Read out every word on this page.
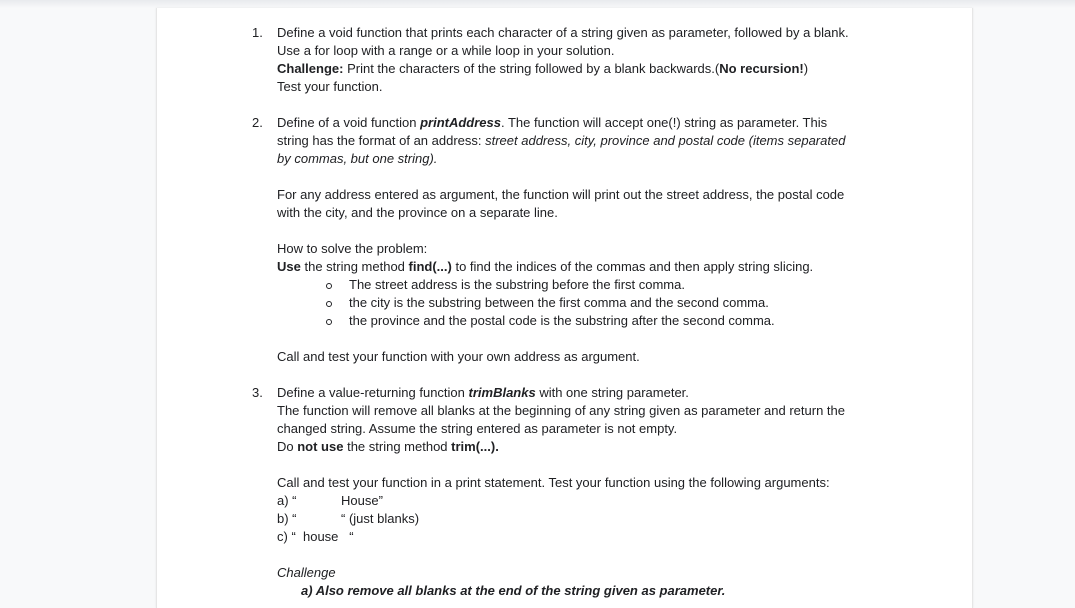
1. Define a void function that prints each character of a string given as parameter, followed by a blank.
Use a for loop with a range or a while loop in your solution.
Challenge: Print the characters of the string followed by a blank backwards.(No recursion!)
Test your function.
2. Define of a void function printAddress. The function will accept one(!) string as parameter. This
string has the format of an address: street address, city, province and postal code (items separated
by commas, but one string).
For any address entered as argument, the function will print out the street address, the postal code
with the city, and the province on a separate line.
How to solve the problem:
Use the string method find(...) to find the indices of the commas and then apply string slicing.
The street address is the substring before the first comma.
the city is the substring between the first comma and the second comma.
the province and the postal code is the substring after the second comma.
Call and test your function with your own address as argument.
3. Define a value-returning function trimBlanks with one string parameter.
The function will remove all blanks at the beginning of any string given as parameter and return the
changed string. Assume the string entered as parameter is not empty.
Do not use the string method trim(...).
Call and test your function in a print statement. Test your function using the following arguments:
a) “	House”
b) “	“ (just blanks)
c) “  house   “
Challenge
a) Also remove all blanks at the end of the string given as parameter.
